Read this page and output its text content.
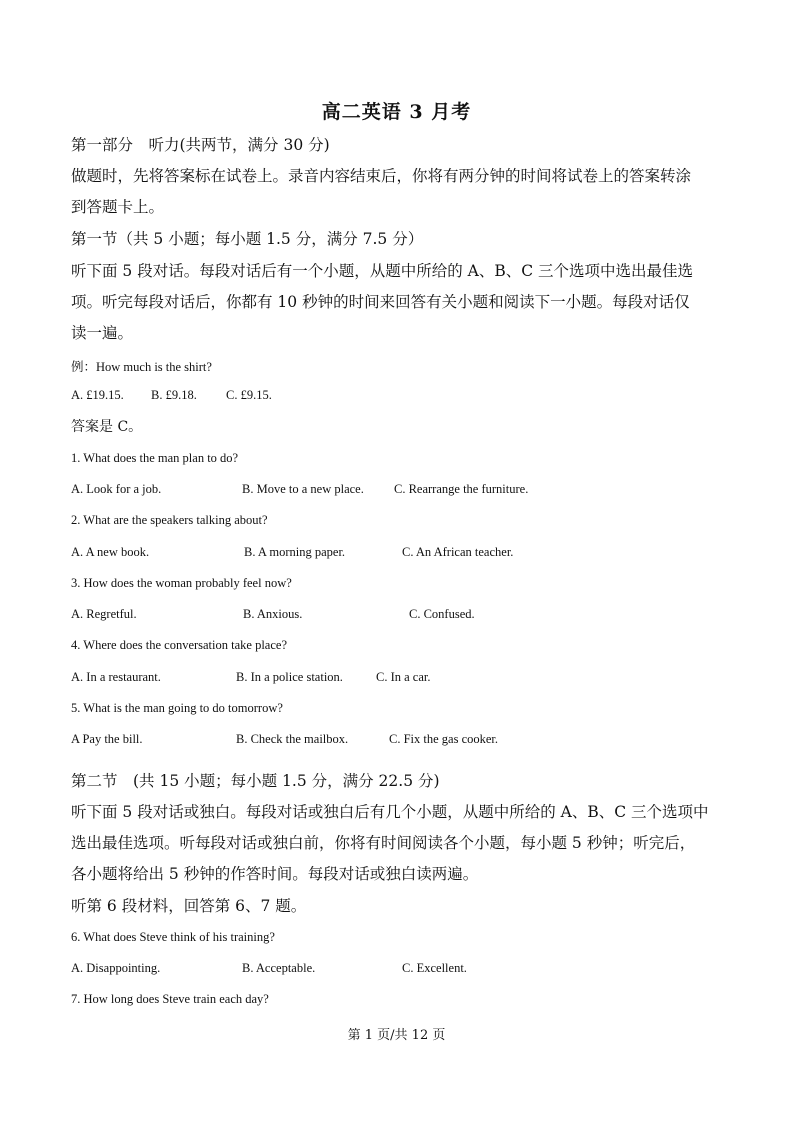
高二英语 3 月考
第一部分　听力(共两节，满分 30 分)
做题时，先将答案标在试卷上。录音内容结束后，你将有两分钟的时间将试卷上的答案转涂
到答题卡上。
第一节（共 5 小题；每小题 1.5 分，满分 7.5 分）
听下面 5 段对话。每段对话后有一个小题，从题中所给的 A、B、C 三个选项中选出最佳选
项。听完每段对话后，你都有 10 秒钟的时间来回答有关小题和阅读下一小题。每段对话仅
读一遍。
例：How much is the shirt?
A. £19.15. B. £9.18. C. £9.15.
答案是 C。
1. What does the man plan to do?
A. Look for a job.	B. Move to a new place. C. Rearrange the furniture.
2. What are the speakers talking about?
A. A new book.	B. A morning paper.	C. An African teacher.
3. How does the woman probably feel now?
A. Regretful.	B. Anxious.	C. Confused.
4. Where does the conversation take place?
A. In a restaurant.	B. In a police station.	C. In a car.
5. What is the man going to do tomorrow?
A Pay the bill.	B. Check the mailbox.	C. Fix the gas cooker.
第二节　(共 15 小题；每小题 1.5 分，满分 22.5 分)
听下面 5 段对话或独白。每段对话或独白后有几个小题，从题中所给的 A、B、C 三个选项中
选出最佳选项。听每段对话或独白前，你将有时间阅读各个小题，每小题 5 秒钟；听完后，
各小题将给出 5 秒钟的作答时间。每段对话或独白读两遍。
听第 6 段材料，回答第 6、7 题。
6. What does Steve think of his training?
A. Disappointing.	B. Acceptable.	C. Excellent.
7. How long does Steve train each day?
第 1 页/共 12 页
